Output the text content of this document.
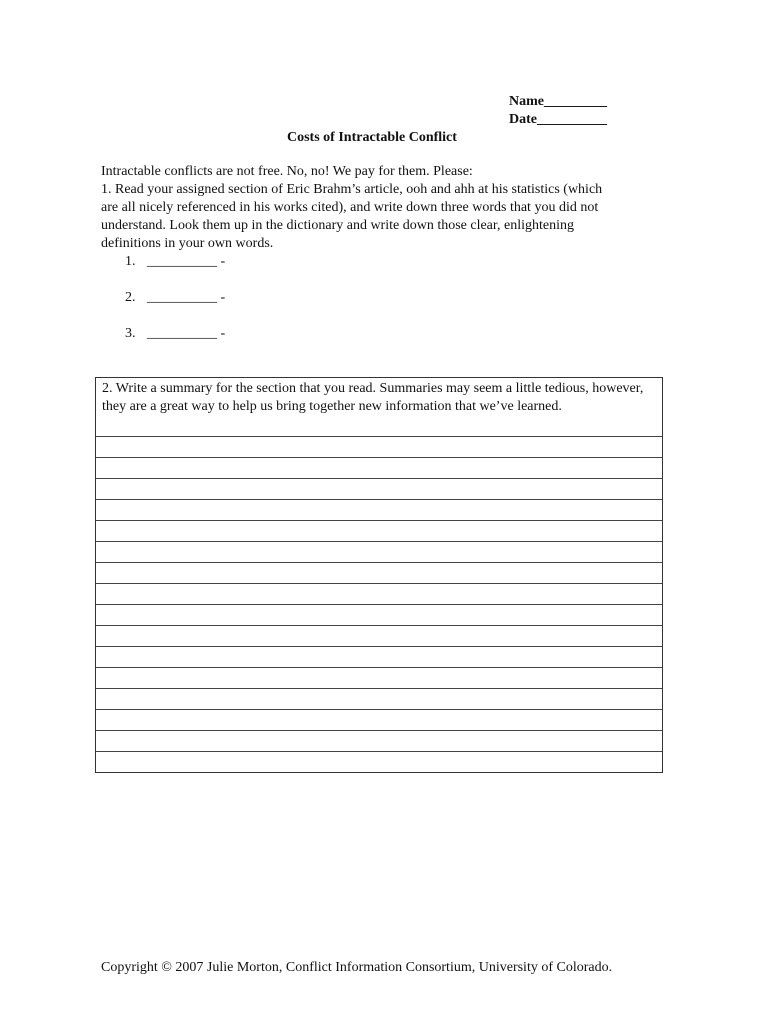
Name_________
Date__________
Costs of Intractable Conflict
Intractable conflicts are not free. No, no! We pay for them. Please:
1. Read your assigned section of Eric Brahm’s article, ooh and ahh at his statistics (which
are all nicely referenced in his works cited), and write down three words that you did not
understand. Look them up in the dictionary and write down those clear, enlightening
definitions in your own words.
1. __________ -
2. __________ -
3. __________ -
2. Write a summary for the section that you read. Summaries may seem a little tedious, however, they are a great way to help us bring together new information that we’ve learned.
Copyright © 2007 Julie Morton, Conflict Information Consortium, University of Colorado.
